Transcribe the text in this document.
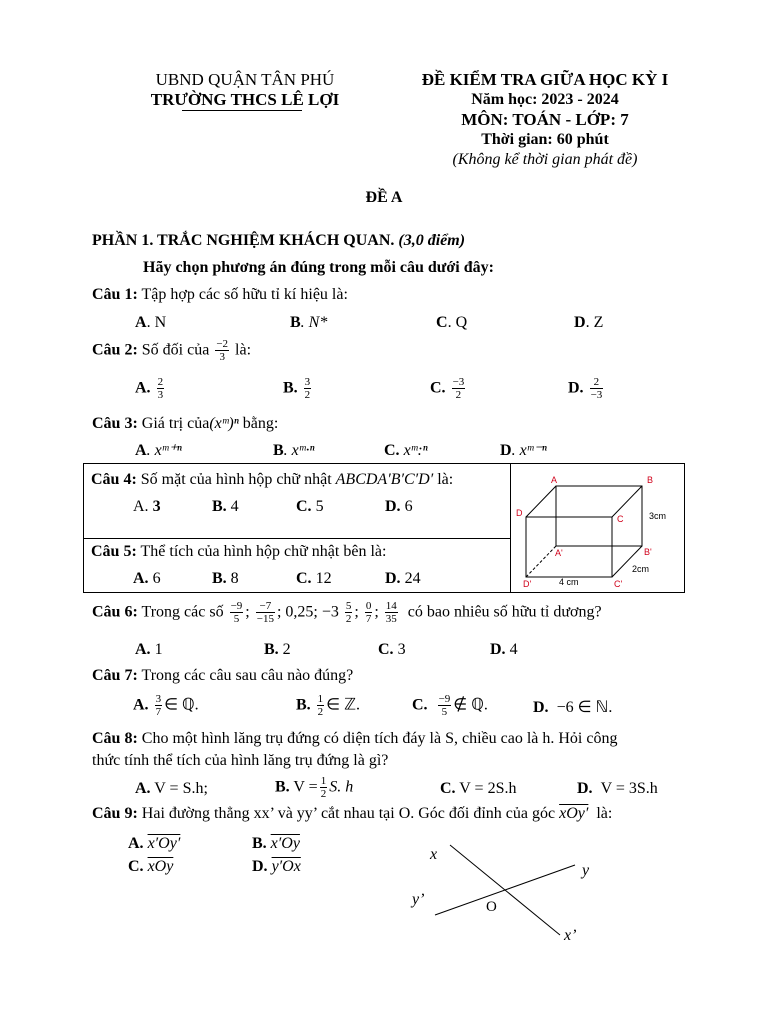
UBND QUẬN TÂN PHÚ
TRƯỜNG THCS LÊ LỢI
ĐỀ KIỂM TRA GIỮA HỌC KỲ I
Năm học: 2023 - 2024
MÔN: TOÁN - LỚP: 7
Thời gian: 60 phút
(Không kể thời gian phát đề)
ĐỀ A
PHẦN 1. TRẮC NGHIỆM KHÁCH QUAN. (3,0 điểm)
Hãy chọn phương án đúng trong mỗi câu dưới đây:
Câu 1: Tập hợp các số hữu tỉ kí hiệu là:
A. N	B. N*	C. Q	D. Z
Câu 2: Số đối của $\frac{-2}{3}$ là:
A. $\frac{2}{3}$	B. $\frac{3}{2}$	C. $\frac{-3}{2}$	D. $\frac{2}{-3}$
Câu 3: Giá trị của(xᵐ)ⁿ bằng:
A. xᵐ⁺ⁿ	B. xᵐ·ⁿ	C. xᵐ:ⁿ	D. xᵐ⁻ⁿ
Câu 4: Số mặt của hình hộp chữ nhật ABCDA′B′C′D′ là:
A. 3	B. 4	C. 5	D. 6
Câu 5: Thể tích của hình hộp chữ nhật bên là:
A. 6	B. 8	C. 12	D. 24
A	B
D
C
A'	B'
D'	C'
3cm
2cm
4 cm
Câu 6: Trong các số $\frac{-9}{5}$ ; $\frac{-7}{-15}$ ; 0,25; $-3 \frac{5}{2}$ ; $\frac{0}{7}$ ; $\frac{14}{35}$ có bao nhiêu số hữu tỉ dương?
A. 1	B. 2	C. 3	D. 4
Câu 7: Trong các câu sau câu nào đúng?
A. $\frac{3}{7}$ ∈ ℚ.	B. $\frac{1}{2}$ ∈ ℤ.	C. $\frac{-9}{5}$ ∉ ℚ.	D. −6 ∈ ℕ.
Câu 8: Cho một hình lăng trụ đứng có diện tích đáy là S, chiều cao là h. Hỏi công
thức tính thể tích của hình lăng trụ đứng là gì?
A. V = S.h;	B. $V = \frac{1}{2} S$. h	C. V = 2S.h	D. V = 3S.h
Câu 9: Hai đường thẳng xx’ và yy’ cắt nhau tại O. Góc đối đỉnh của góc xOy′ là:
A. x′Oy′	B. x′Oy
C. $\overline{xOy}$	D. y′Ox
x
y
y’
x’
O
